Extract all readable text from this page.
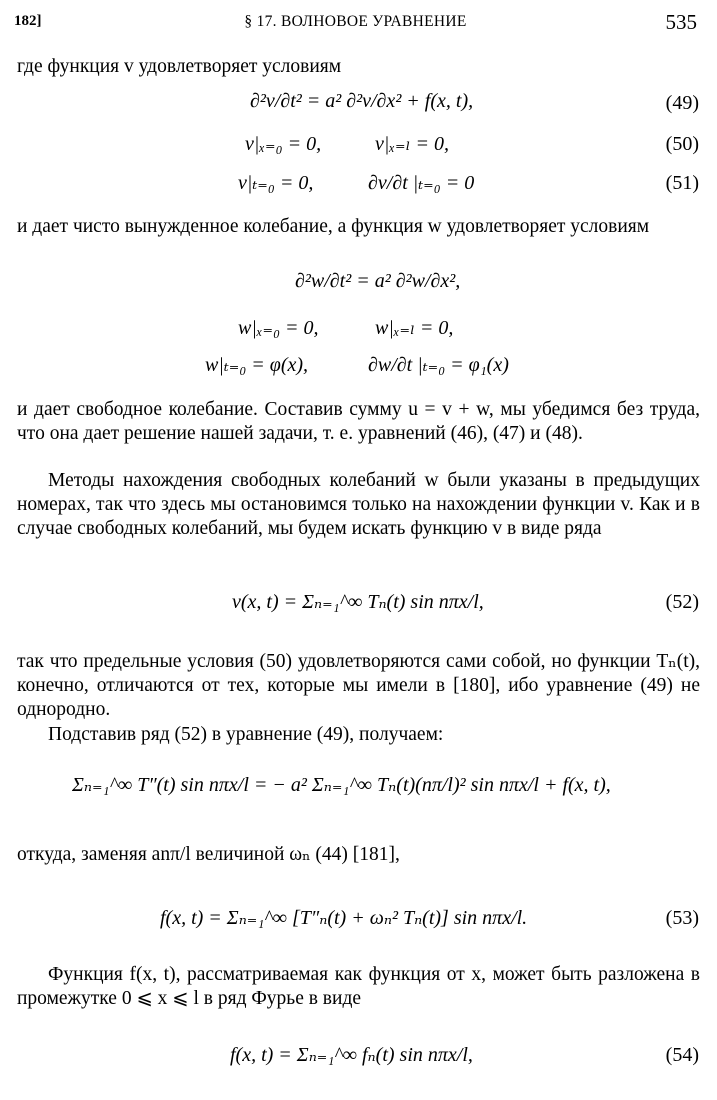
182]	§ 17. ВОЛНОВОЕ УРАВНЕНИЕ	535
где функция v удовлетворяет условиям
∂²v/∂t² = a² ∂²v/∂x² + f(x, t),	(49)
v|ₓ₌₀ = 0,	v|ₓ₌ₗ = 0,	(50)
v|ₜ₌₀ = 0,	∂v/∂t |ₜ₌₀ = 0	(51)
и дает чисто вынужденное колебание, а функция w удовлетворяет условиям
∂²w/∂t² = a² ∂²w/∂x²,
w|ₓ₌₀ = 0,	w|ₓ₌ₗ = 0,
w|ₜ₌₀ = φ(x),	∂w/∂t |ₜ₌₀ = φ₁(x)
и дает свободное колебание. Составив сумму u = v + w, мы убедимся без труда, что она дает решение нашей задачи, т. е. уравнений (46), (47) и (48).
Методы нахождения свободных колебаний w были указаны в предыдущих номерах, так что здесь мы остановимся только на нахождении функции v. Как и в случае свободных колебаний, мы будем искать функцию v в виде ряда
v(x, t) = Σₙ₌₁^∞ Tₙ(t) sin nπx/l,	(52)
так что предельные условия (50) удовлетворяются сами собой, но функции Tₙ(t), конечно, отличаются от тех, которые мы имели в [180], ибо уравнение (49) не однородно.
Подставив ряд (52) в уравнение (49), получаем:
Σₙ₌₁^∞ T″(t) sin nπx/l = − a² Σₙ₌₁^∞ Tₙ(t)(nπ/l)² sin nπx/l + f(x, t),
откуда, заменяя anπ/l величиной ωₙ (44) [181],
f(x, t) = Σₙ₌₁^∞ [T″ₙ(t) + ωₙ² Tₙ(t)] sin nπx/l.	(53)
Функция f(x, t), рассматриваемая как функция от x, может быть разложена в промежутке 0 ⩽ x ⩽ l в ряд Фурье в виде
f(x, t) = Σₙ₌₁^∞ fₙ(t) sin nπx/l,	(54)
